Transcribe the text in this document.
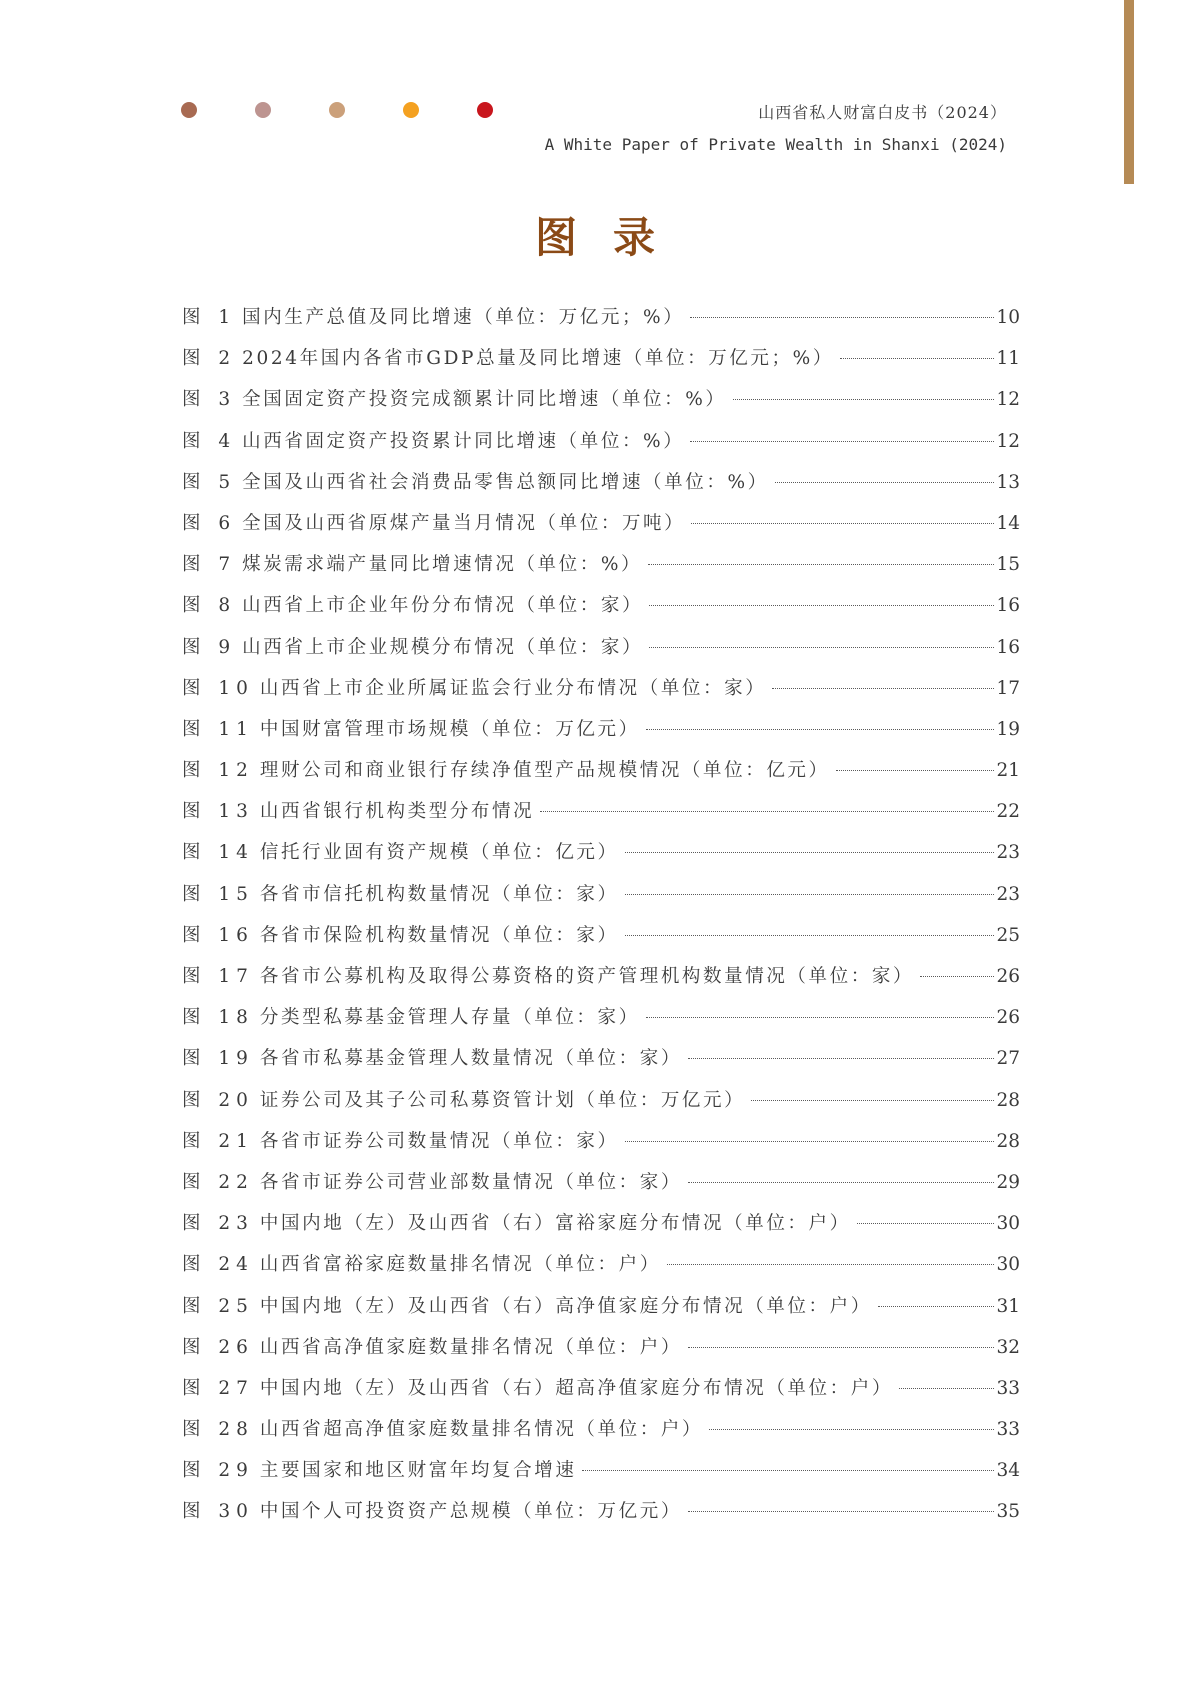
山西省私人财富白皮书（2024）
A White Paper of Private Wealth in Shanxi (2024)
图录
图 1 国内生产总值及同比增速（单位：万亿元；%）	10
图 2 2024年国内各省市GDP总量及同比增速（单位：万亿元；%）	11
图 3 全国固定资产投资完成额累计同比增速（单位：%）	12
图 4 山西省固定资产投资累计同比增速（单位：%）	12
图 5 全国及山西省社会消费品零售总额同比增速（单位：%）	13
图 6 全国及山西省原煤产量当月情况（单位：万吨）	14
图 7 煤炭需求端产量同比增速情况（单位：%）	15
图 8 山西省上市企业年份分布情况（单位：家）	16
图 9 山西省上市企业规模分布情况（单位：家）	16
图 10 山西省上市企业所属证监会行业分布情况（单位：家）	17
图 11 中国财富管理市场规模（单位：万亿元）	19
图 12 理财公司和商业银行存续净值型产品规模情况（单位：亿元）	21
图 13 山西省银行机构类型分布情况	22
图 14 信托行业固有资产规模（单位：亿元）	23
图 15 各省市信托机构数量情况（单位：家）	23
图 16 各省市保险机构数量情况（单位：家）	25
图 17 各省市公募机构及取得公募资格的资产管理机构数量情况（单位：家）	26
图 18 分类型私募基金管理人存量（单位：家）	26
图 19 各省市私募基金管理人数量情况（单位：家）	27
图 20 证券公司及其子公司私募资管计划（单位：万亿元）	28
图 21 各省市证券公司数量情况（单位：家）	28
图 22 各省市证券公司营业部数量情况（单位：家）	29
图 23 中国内地（左）及山西省（右）富裕家庭分布情况（单位：户）	30
图 24 山西省富裕家庭数量排名情况（单位：户）	30
图 25 中国内地（左）及山西省（右）高净值家庭分布情况（单位：户）	31
图 26 山西省高净值家庭数量排名情况（单位：户）	32
图 27 中国内地（左）及山西省（右）超高净值家庭分布情况（单位：户）	33
图 28 山西省超高净值家庭数量排名情况（单位：户）	33
图 29 主要国家和地区财富年均复合增速	34
图 30 中国个人可投资资产总规模（单位：万亿元）	35
